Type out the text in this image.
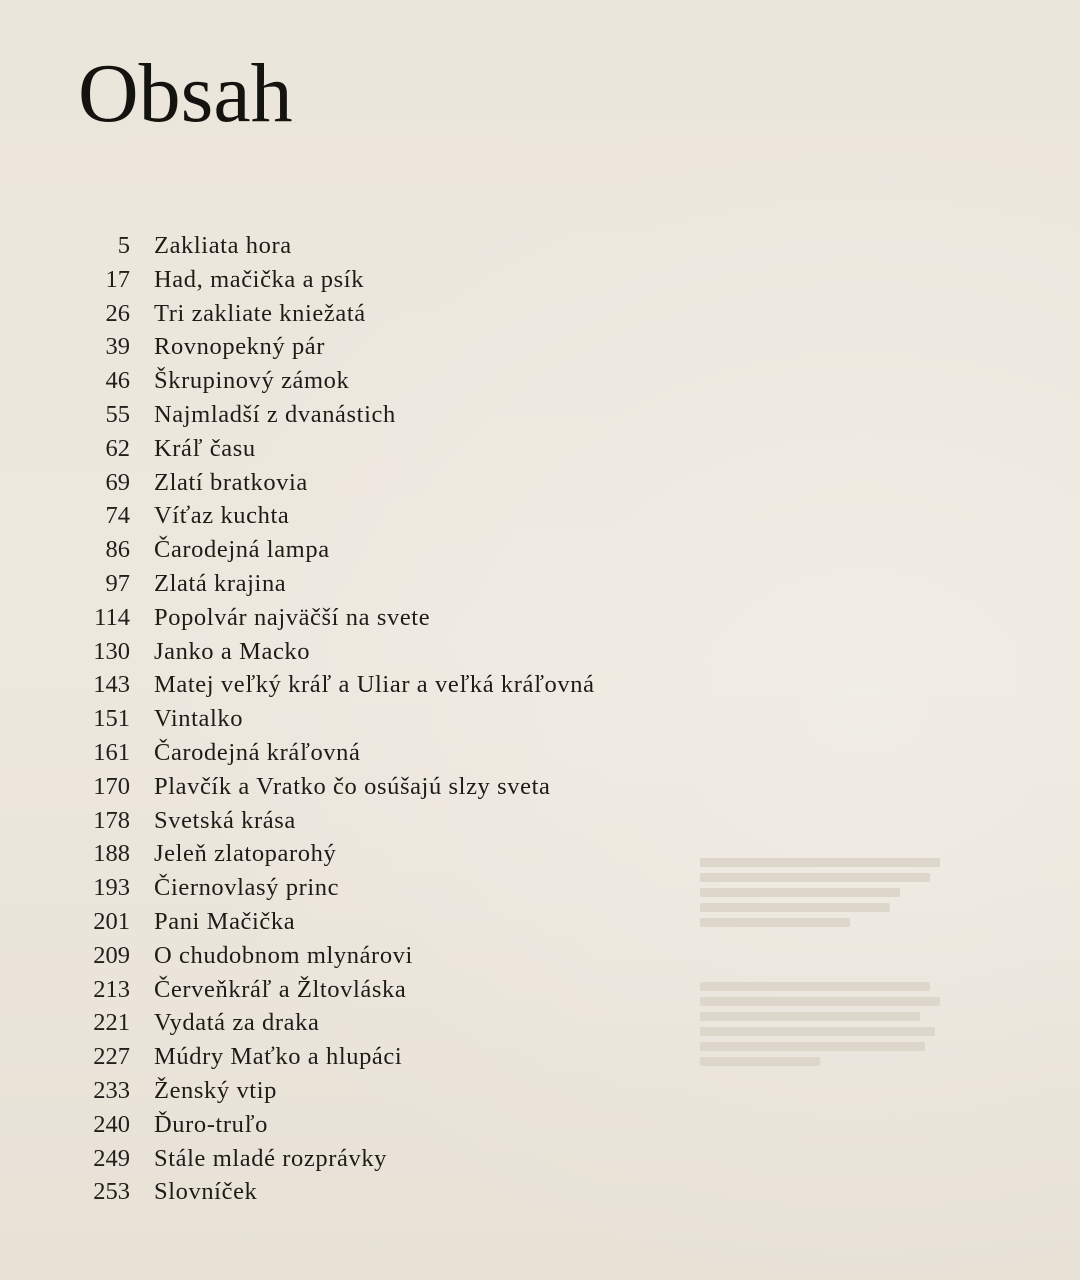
Obsah
5 Zakliata hora
17 Had, mačička a psík
26 Tri zakliate kniežatá
39 Rovnopekný pár
46 Škrupinový zámok
55 Najmladší z dvanástich
62 Kráľ času
69 Zlatí bratkovia
74 Víťaz kuchta
86 Čarodejná lampa
97 Zlatá krajina
114 Popolvár najväčší na svete
130 Janko a Macko
143 Matej veľký kráľ a Uliar a veľká kráľovná
151 Vintalko
161 Čarodejná kráľovná
170 Plavčík a Vratko čo osúšajú slzy sveta
178 Svetská krása
188 Jeleň zlatoparohý
193 Čiernovlasý princ
201 Pani Mačička
209 O chudobnom mlynárovi
213 Červeňkráľ a Žltovláska
221 Vydatá za draka
227 Múdry Maťko a hlupáci
233 Ženský vtip
240 Ďuro-truľo
249 Stále mladé rozprávky
253 Slovníček
